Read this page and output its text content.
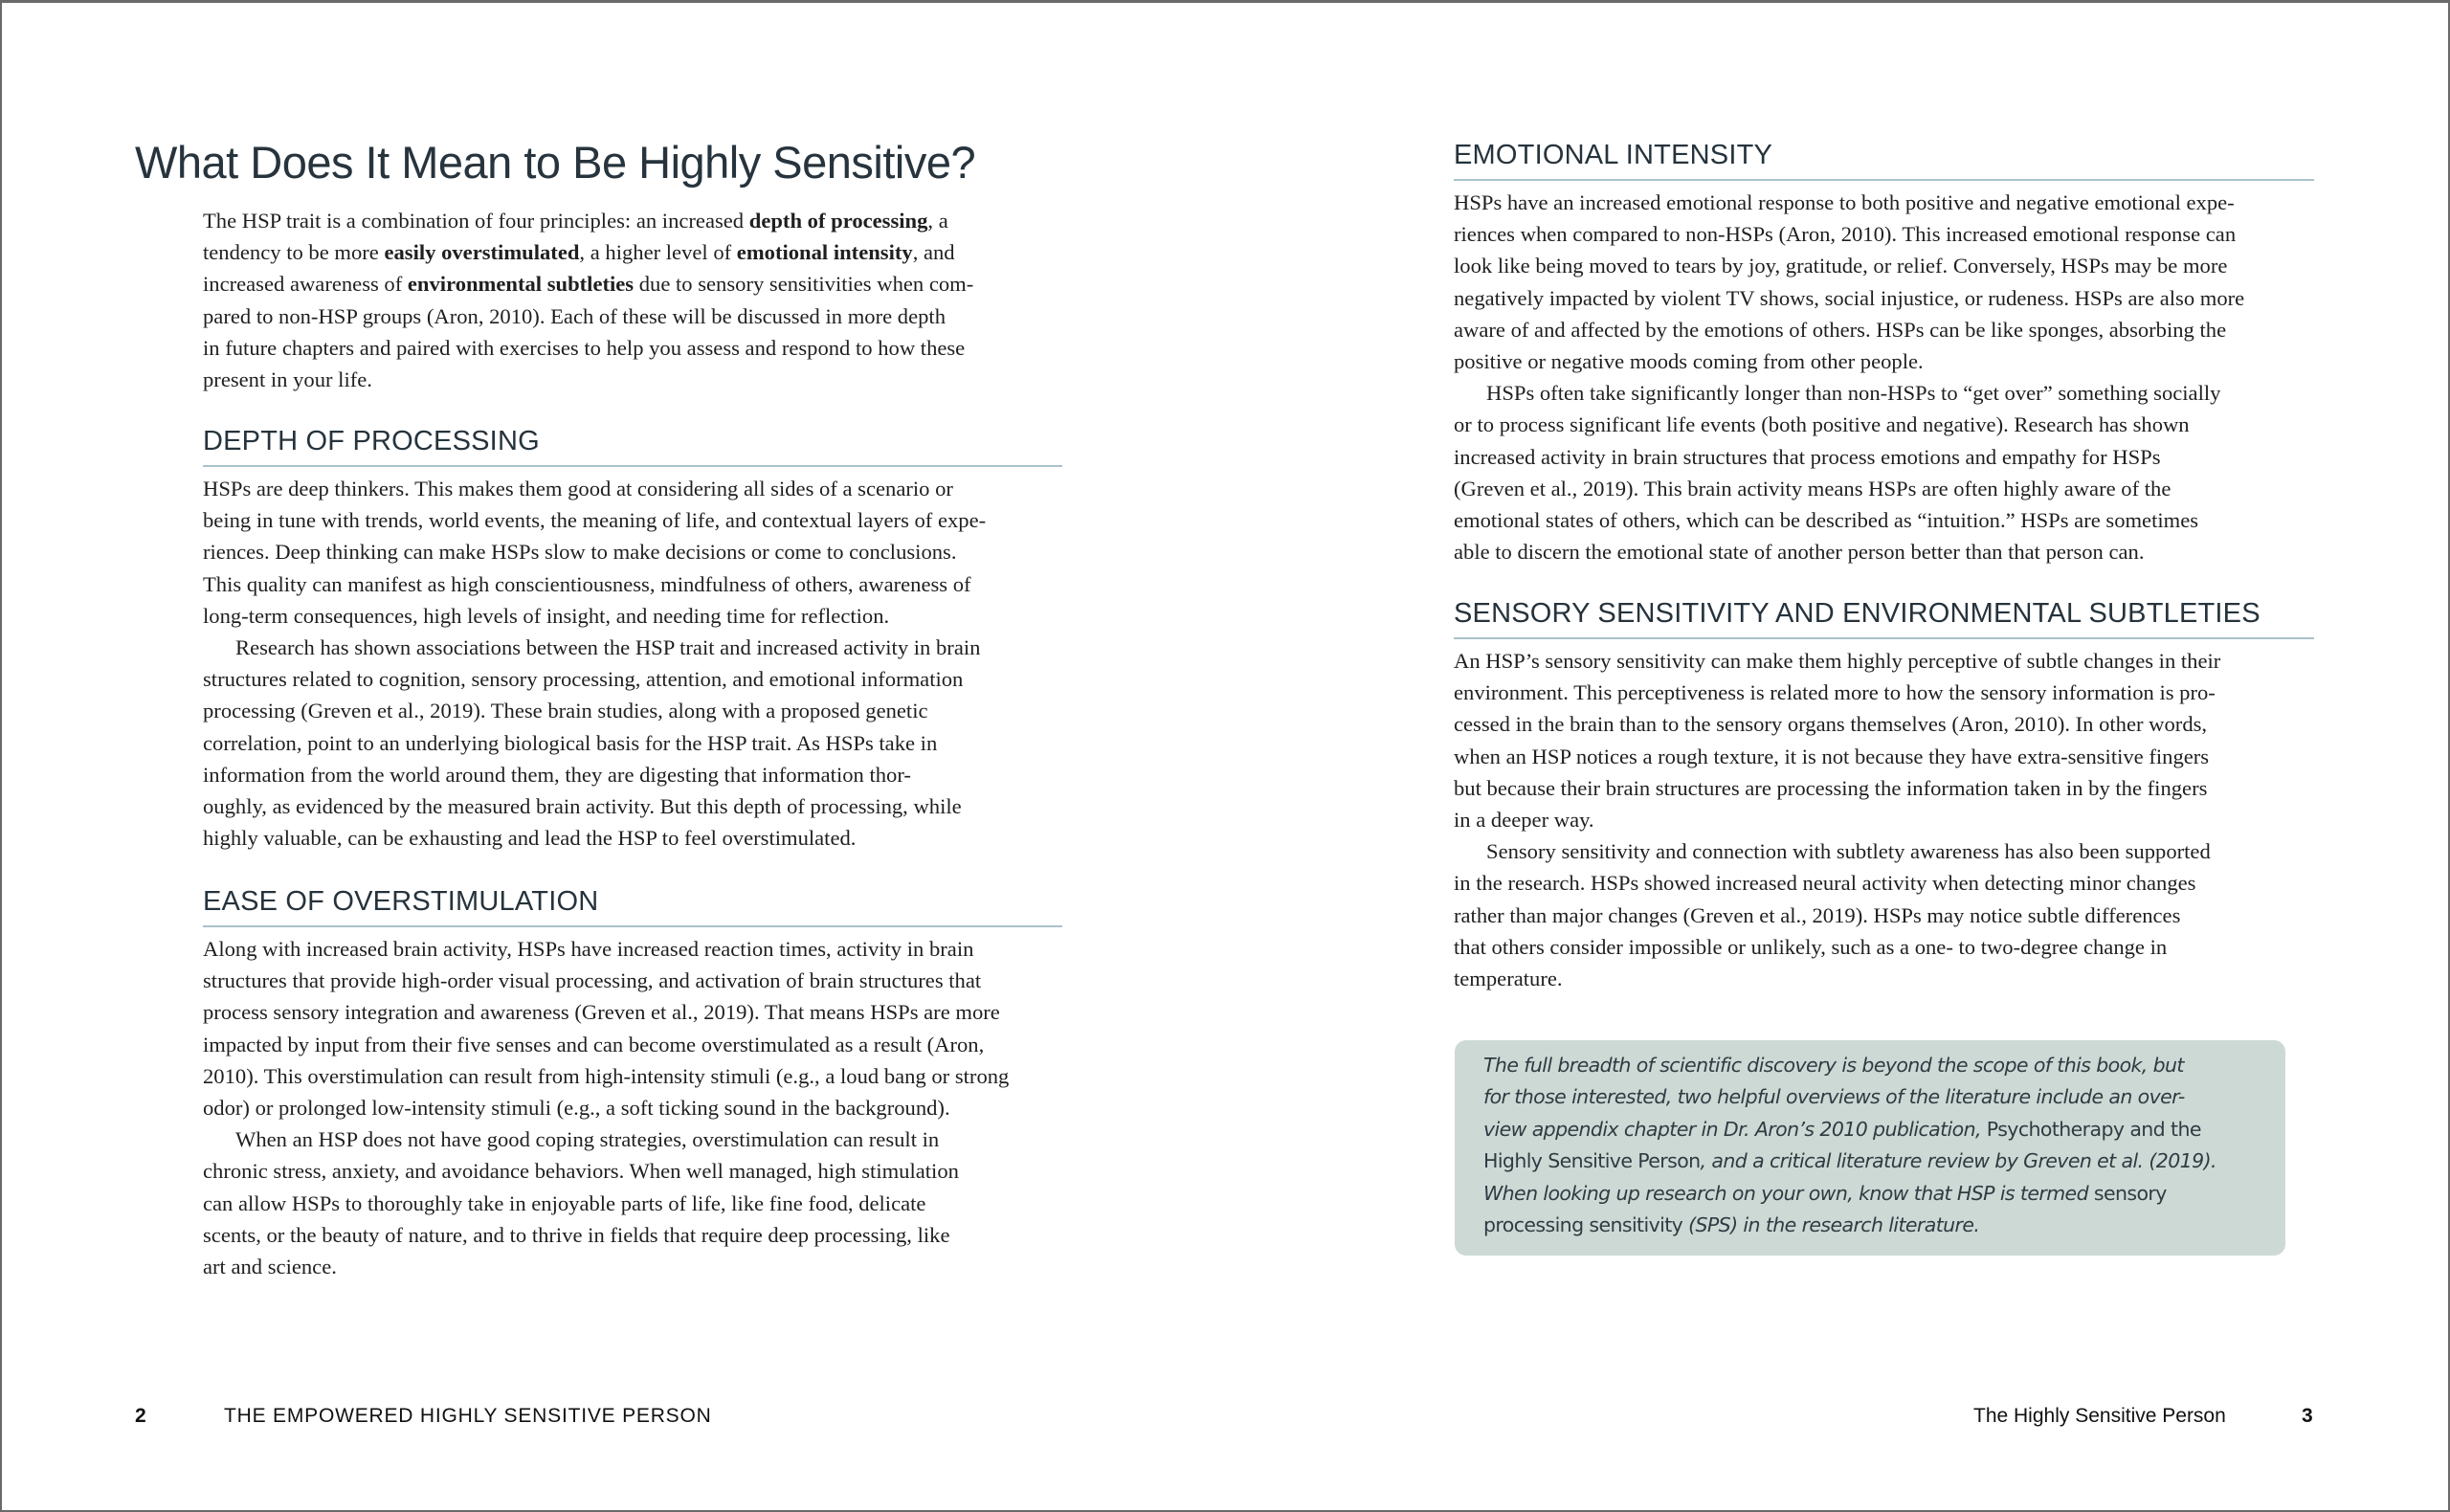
What Does It Mean to Be Highly Sensitive?
The HSP trait is a combination of four principles: an increased depth of processing, a
tendency to be more easily overstimulated, a higher level of emotional intensity, and
increased awareness of environmental subtleties due to sensory sensitivities when com-
pared to non-HSP groups (Aron, 2010). Each of these will be discussed in more depth
in future chapters and paired with exercises to help you assess and respond to how these
present in your life.
DEPTH OF PROCESSING
HSPs are deep thinkers. This makes them good at considering all sides of a scenario or
being in tune with trends, world events, the meaning of life, and contextual layers of expe-
riences. Deep thinking can make HSPs slow to make decisions or come to conclusions.
This quality can manifest as high conscientiousness, mindfulness of others, awareness of
long-term consequences, high levels of insight, and needing time for reflection.
Research has shown associations between the HSP trait and increased activity in brain
structures related to cognition, sensory processing, attention, and emotional information
processing (Greven et al., 2019). These brain studies, along with a proposed genetic
correlation, point to an underlying biological basis for the HSP trait. As HSPs take in
information from the world around them, they are digesting that information thor-
oughly, as evidenced by the measured brain activity. But this depth of processing, while
highly valuable, can be exhausting and lead the HSP to feel overstimulated.
EASE OF OVERSTIMULATION
Along with increased brain activity, HSPs have increased reaction times, activity in brain
structures that provide high-order visual processing, and activation of brain structures that
process sensory integration and awareness (Greven et al., 2019). That means HSPs are more
impacted by input from their five senses and can become overstimulated as a result (Aron,
2010). This overstimulation can result from high-intensity stimuli (e.g., a loud bang or strong
odor) or prolonged low-intensity stimuli (e.g., a soft ticking sound in the background).
When an HSP does not have good coping strategies, overstimulation can result in
chronic stress, anxiety, and avoidance behaviors. When well managed, high stimulation
can allow HSPs to thoroughly take in enjoyable parts of life, like fine food, delicate
scents, or the beauty of nature, and to thrive in fields that require deep processing, like
art and science.
2	THE EMPOWERED HIGHLY SENSITIVE PERSON
EMOTIONAL INTENSITY
HSPs have an increased emotional response to both positive and negative emotional expe-
riences when compared to non-HSPs (Aron, 2010). This increased emotional response can
look like being moved to tears by joy, gratitude, or relief. Conversely, HSPs may be more
negatively impacted by violent TV shows, social injustice, or rudeness. HSPs are also more
aware of and affected by the emotions of others. HSPs can be like sponges, absorbing the
positive or negative moods coming from other people.
HSPs often take significantly longer than non-HSPs to “get over” something socially
or to process significant life events (both positive and negative). Research has shown
increased activity in brain structures that process emotions and empathy for HSPs
(Greven et al., 2019). This brain activity means HSPs are often highly aware of the
emotional states of others, which can be described as “intuition.” HSPs are sometimes
able to discern the emotional state of another person better than that person can.
SENSORY SENSITIVITY AND ENVIRONMENTAL SUBTLETIES
An HSP’s sensory sensitivity can make them highly perceptive of subtle changes in their
environment. This perceptiveness is related more to how the sensory information is pro-
cessed in the brain than to the sensory organs themselves (Aron, 2010). In other words,
when an HSP notices a rough texture, it is not because they have extra-sensitive fingers
but because their brain structures are processing the information taken in by the fingers
in a deeper way.
Sensory sensitivity and connection with subtlety awareness has also been supported
in the research. HSPs showed increased neural activity when detecting minor changes
rather than major changes (Greven et al., 2019). HSPs may notice subtle differences
that others consider impossible or unlikely, such as a one- to two-degree change in
temperature.
The full breadth of scientific discovery is beyond the scope of this book, but
for those interested, two helpful overviews of the literature include an over-
view appendix chapter in Dr. Aron’s 2010 publication, Psychotherapy and the
Highly Sensitive Person, and a critical literature review by Greven et al. (2019).
When looking up research on your own, know that HSP is termed sensory
processing sensitivity (SPS) in the research literature.
The Highly Sensitive Person	3
